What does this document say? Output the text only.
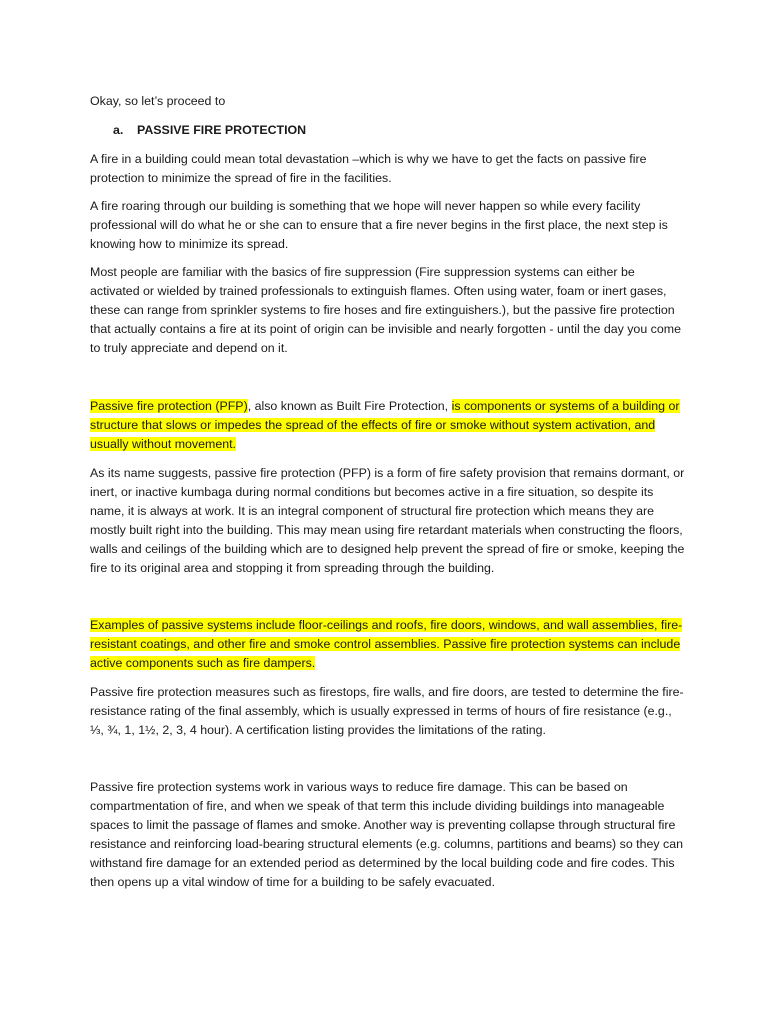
Okay, so let’s proceed to

a. PASSIVE FIRE PROTECTION

A fire in a building could mean total devastation –which is why we have to get the facts on passive fire protection to minimize the spread of fire in the facilities.

A fire roaring through our building is something that we hope will never happen so while every facility professional will do what he or she can to ensure that a fire never begins in the first place, the next step is knowing how to minimize its spread.

Most people are familiar with the basics of fire suppression (Fire suppression systems can either be activated or wielded by trained professionals to extinguish flames. Often using water, foam or inert gases, these can range from sprinkler systems to fire hoses and fire extinguishers.), but the passive fire protection that actually contains a fire at its point of origin can be invisible and nearly forgotten - until the day you come to truly appreciate and depend on it.

Passive fire protection (PFP), also known as Built Fire Protection, is components or systems of a building or structure that slows or impedes the spread of the effects of fire or smoke without system activation, and usually without movement.

As its name suggests, passive fire protection (PFP) is a form of fire safety provision that remains dormant, or inert, or inactive kumbaga during normal conditions but becomes active in a fire situation, so despite its name, it is always at work. It is an integral component of structural fire protection which means they are mostly built right into the building. This may mean using fire retardant materials when constructing the floors, walls and ceilings of the building which are to designed help prevent the spread of fire or smoke, keeping the fire to its original area and stopping it from spreading through the building.

Examples of passive systems include floor-ceilings and roofs, fire doors, windows, and wall assemblies, fire-resistant coatings, and other fire and smoke control assemblies. Passive fire protection systems can include active components such as fire dampers.

Passive fire protection measures such as firestops, fire walls, and fire doors, are tested to determine the fire-resistance rating of the final assembly, which is usually expressed in terms of hours of fire resistance (e.g., ⅓, ¾, 1, 1½, 2, 3, 4 hour). A certification listing provides the limitations of the rating.

Passive fire protection systems work in various ways to reduce fire damage. This can be based on compartmentation of fire, and when we speak of that term this include dividing buildings into manageable spaces to limit the passage of flames and smoke. Another way is preventing collapse through structural fire resistance and reinforcing load-bearing structural elements (e.g. columns, partitions and beams) so they can withstand fire damage for an extended period as determined by the local building code and fire codes. This then opens up a vital window of time for a building to be safely evacuated.
